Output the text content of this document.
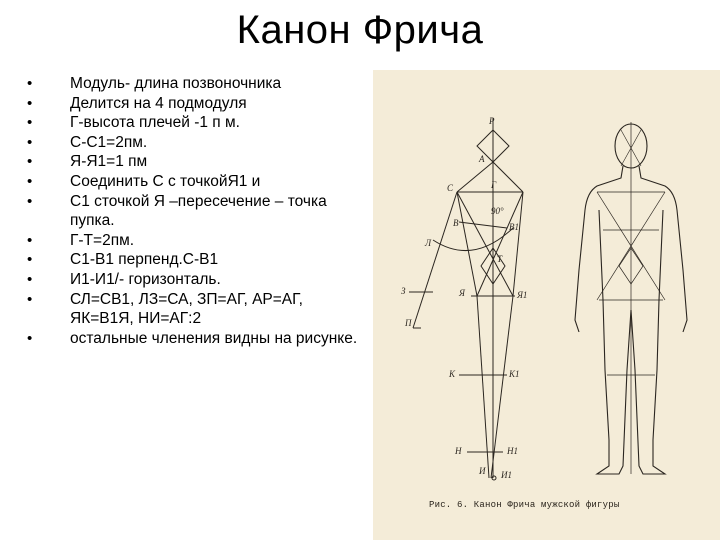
Канон Фрича
• Модуль- длина позвоночника
• Делится на 4 подмодуля
• Г-высота плечей -1 п м.
• С-С1=2пм.
• Я-Я1=1 пм
• Соединить С с точкойЯ1 и
• С1 сточкой Я –пересечение – точка пупка.
• Г-Т=2пм.
• С1-В1 перпенд.С-В1
• И1-И1/- горизонталь.
• СЛ=СВ1, ЛЗ=СА, ЗП=АГ, АР=АГ, ЯК=В1Я, НИ=АГ:2
• остальные членения видны на рисунке.
Р
А
С	Г
90°
В	В1
Л
Т
З	Я	Я1
П
К	К1
Н	Н1
И И1
Рис. 6. Канон Фрича мужской фигуры
